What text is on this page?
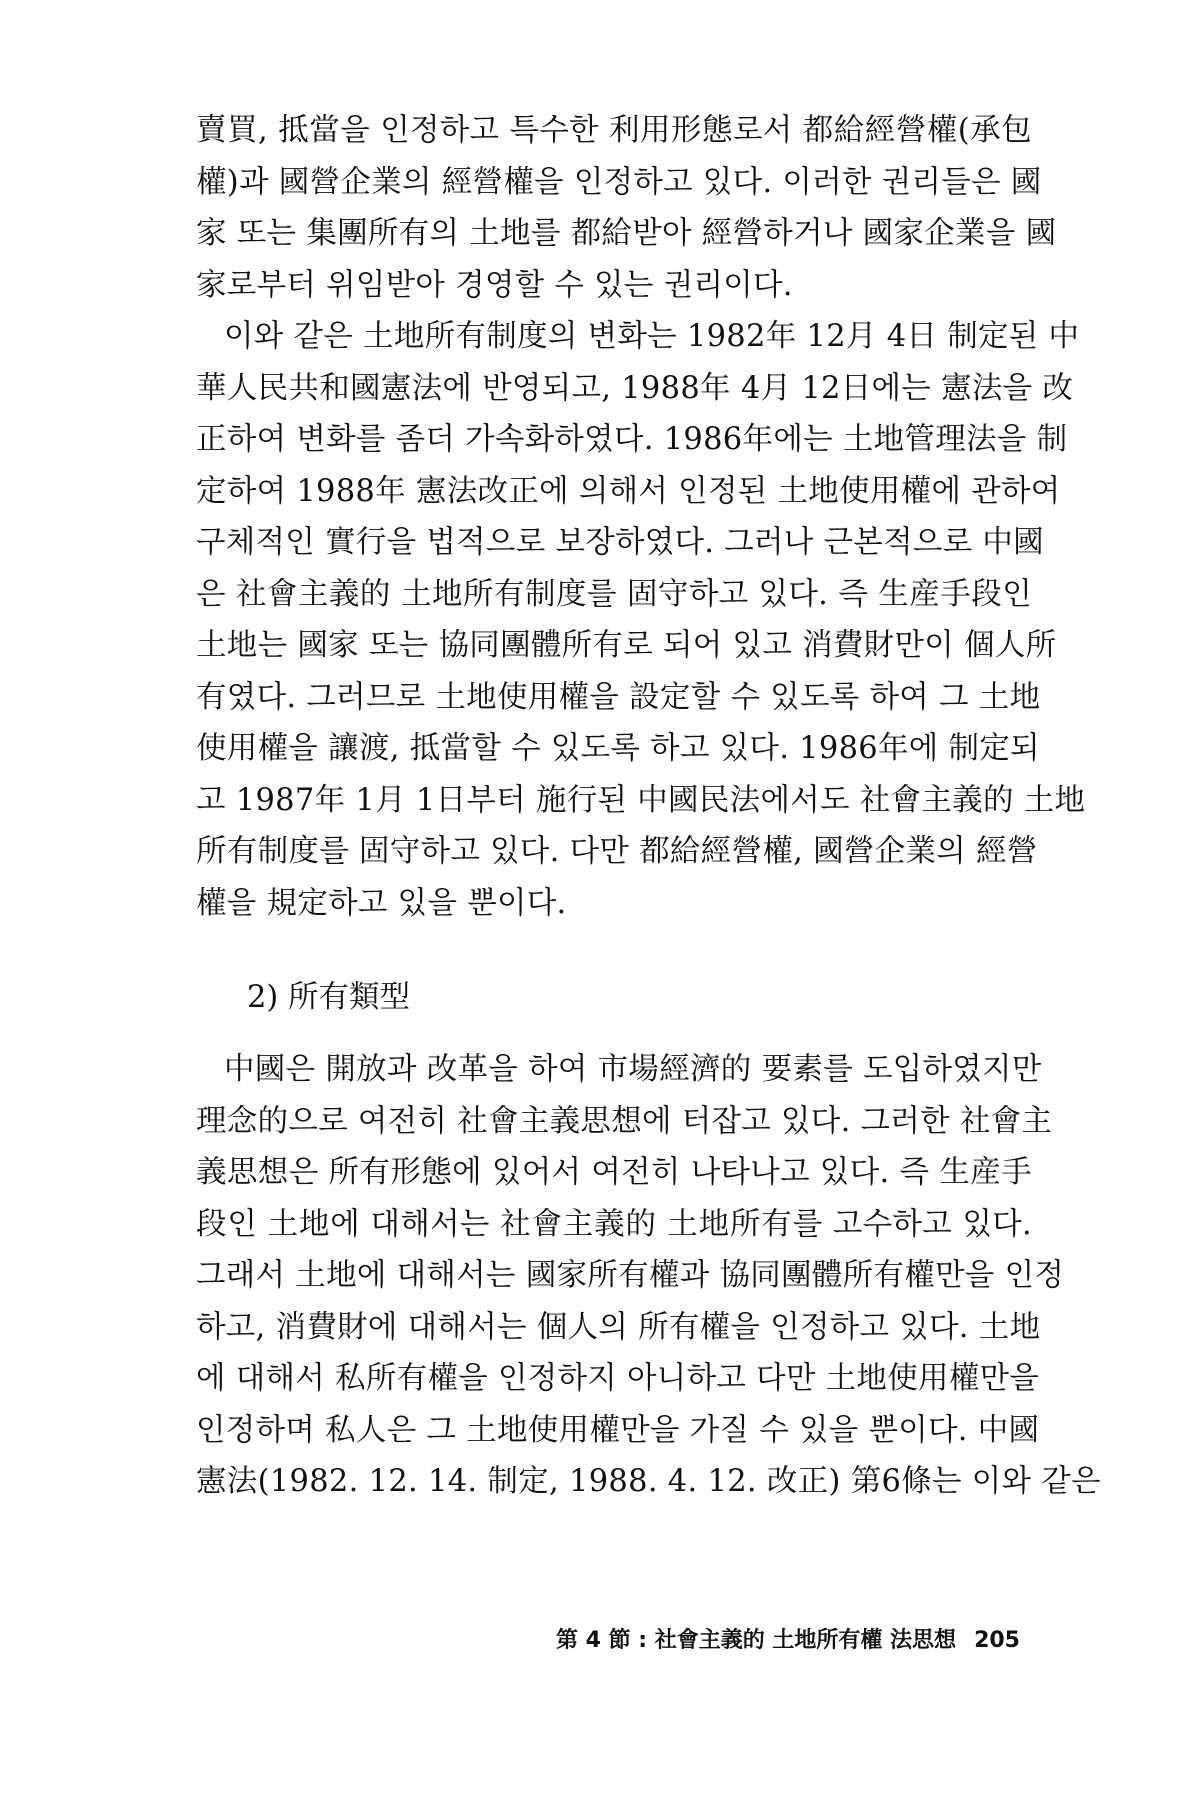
賣買, 抵當을 인정하고 특수한 利用形態로서 都給經營權(承包
權)과 國營企業의 經營權을 인정하고 있다. 이러한 권리들은 國
家 또는 集團所有의 土地를 都給받아 經營하거나 國家企業을 國
家로부터 위임받아 경영할 수 있는 권리이다.
이와 같은 土地所有制度의 변화는 1982年 12月 4日 制定된 中
華人民共和國憲法에 반영되고, 1988年 4月 12日에는 憲法을 改
正하여 변화를 좀더 가속화하였다. 1986年에는 土地管理法을 制
定하여 1988年 憲法改正에 의해서 인정된 土地使用權에 관하여
구체적인 實行을 법적으로 보장하였다. 그러나 근본적으로 中國
은 社會主義的 土地所有制度를 固守하고 있다. 즉 生産手段인
土地는 國家 또는 協同團體所有로 되어 있고 消費財만이 個人所
有였다. 그러므로 土地使用權을 設定할 수 있도록 하여 그 土地
使用權을 讓渡, 抵當할 수 있도록 하고 있다. 1986年에 制定되
고 1987年 1月 1日부터 施行된 中國民法에서도 社會主義的 土地
所有制度를 固守하고 있다. 다만 都給經營權, 國營企業의 經營
權을 規定하고 있을 뿐이다.
2) 所有類型
中國은 開放과 改革을 하여 市場經濟的 要素를 도입하였지만
理念的으로 여전히 社會主義思想에 터잡고 있다. 그러한 社會主
義思想은 所有形態에 있어서 여전히 나타나고 있다. 즉 生産手
段인 土地에 대해서는 社會主義的 土地所有를 고수하고 있다.
그래서 土地에 대해서는 國家所有權과 協同團體所有權만을 인정
하고, 消費財에 대해서는 個人의 所有權을 인정하고 있다. 土地
에 대해서 私所有權을 인정하지 아니하고 다만 土地使用權만을
인정하며 私人은 그 土地使用權만을 가질 수 있을 뿐이다. 中國
憲法(1982. 12. 14. 制定, 1988. 4. 12. 改正) 第6條는 이와 같은
第 4 節 : 社會主義的 土地所有權 法思想 205
